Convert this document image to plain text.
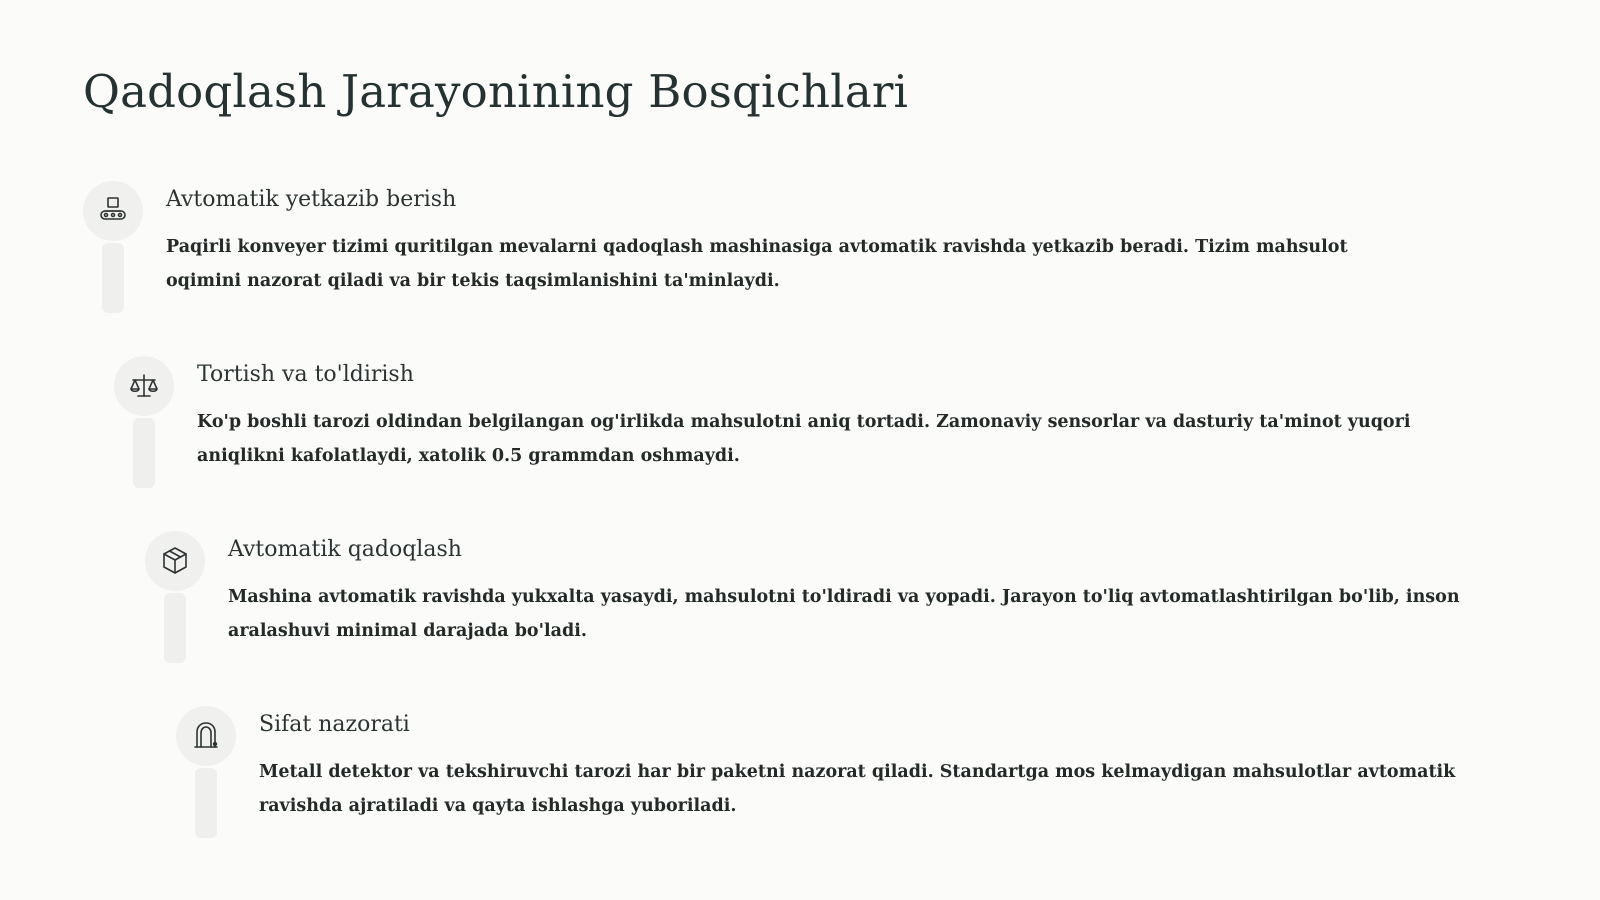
Qadoqlash Jarayonining Bosqichlari
Avtomatik yetkazib berish

Paqirli konveyer tizimi quritilgan mevalarni qadoqlash mashinasiga avtomatik ravishda yetkazib beradi. Tizim mahsulot oqimini nazorat qiladi va bir tekis taqsimlanishini ta'minlaydi.

Tortish va to'ldirish

Ko'p boshli tarozi oldindan belgilangan og'irlikda mahsulotni aniq tortadi. Zamonaviy sensorlar va dasturiy ta'minot yuqori aniqlikni kafolatlaydi, xatolik 0.5 grammdan oshmaydi.

Avtomatik qadoqlash

Mashina avtomatik ravishda yukxalta yasaydi, mahsulotni to'ldiradi va yopadi. Jarayon to'liq avtomatlashtirilgan bo'lib, inson aralashuvi minimal darajada bo'ladi.

Sifat nazorati

Metall detektor va tekshiruvchi tarozi har bir paketni nazorat qiladi. Standartga mos kelmaydigan mahsulotlar avtomatik ravishda ajratiladi va qayta ishlashga yuboriladi.
